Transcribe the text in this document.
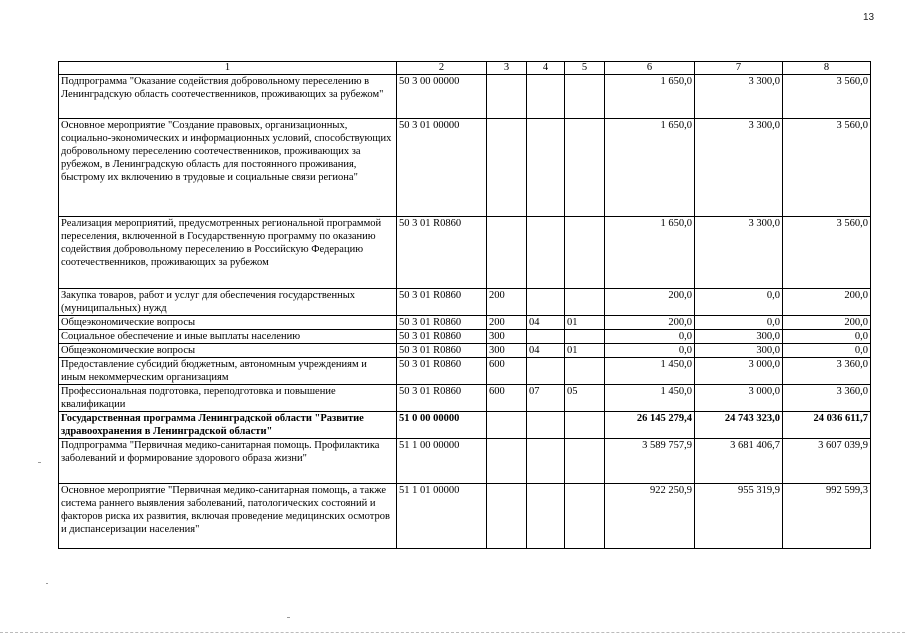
13
1	2	3	4	5	6	7	8
Подпрограмма "Оказание содействия добровольному переселению в Ленинградскую область соотечественников, проживающих за рубежом"	50 3 00 00000				1 650,0	3 300,0	3 560,0
Основное мероприятие "Создание правовых, организационных, социально-экономических и информационных условий, способствующих добровольному переселению соотечественников, проживающих за рубежом, в Ленинградскую область для постоянного проживания, быстрому их включению в трудовые и социальные связи региона"	50 3 01 00000				1 650,0	3 300,0	3 560,0
Реализация мероприятий, предусмотренных региональной программой переселения, включенной в Государственную программу по оказанию содействия добровольному переселению в Российскую Федерацию соотечественников, проживающих за рубежом	50 3 01 R0860				1 650,0	3 300,0	3 560,0
Закупка товаров, работ и услуг для обеспечения государственных (муниципальных) нужд	50 3 01 R0860	200			200,0	0,0	200,0
Общеэкономические вопросы	50 3 01 R0860	200	04	01	200,0	0,0	200,0
Социальное обеспечение и иные выплаты населению	50 3 01 R0860	300			0,0	300,0	0,0
Общеэкономические вопросы	50 3 01 R0860	300	04	01	0,0	300,0	0,0
Предоставление субсидий бюджетным, автономным учреждениям и иным некоммерческим организациям	50 3 01 R0860	600			1 450,0	3 000,0	3 360,0
Профессиональная подготовка, переподготовка и повышение квалификации	50 3 01 R0860	600	07	05	1 450,0	3 000,0	3 360,0
Государственная программа Ленинградской области "Развитие здравоохранения в Ленинградской области"	51 0 00 00000				26 145 279,4	24 743 323,0	24 036 611,7
Подпрограмма "Первичная медико-санитарная помощь. Профилактика заболеваний и формирование здорового образа жизни"	51 1 00 00000				3 589 757,9	3 681 406,7	3 607 039,9
Основное мероприятие "Первичная медико-санитарная помощь, а также система раннего выявления заболеваний, патологических состояний и факторов риска их развития, включая проведение медицинских осмотров и диспансеризации населения"	51 1 01 00000				922 250,9	955 319,9	992 599,3
